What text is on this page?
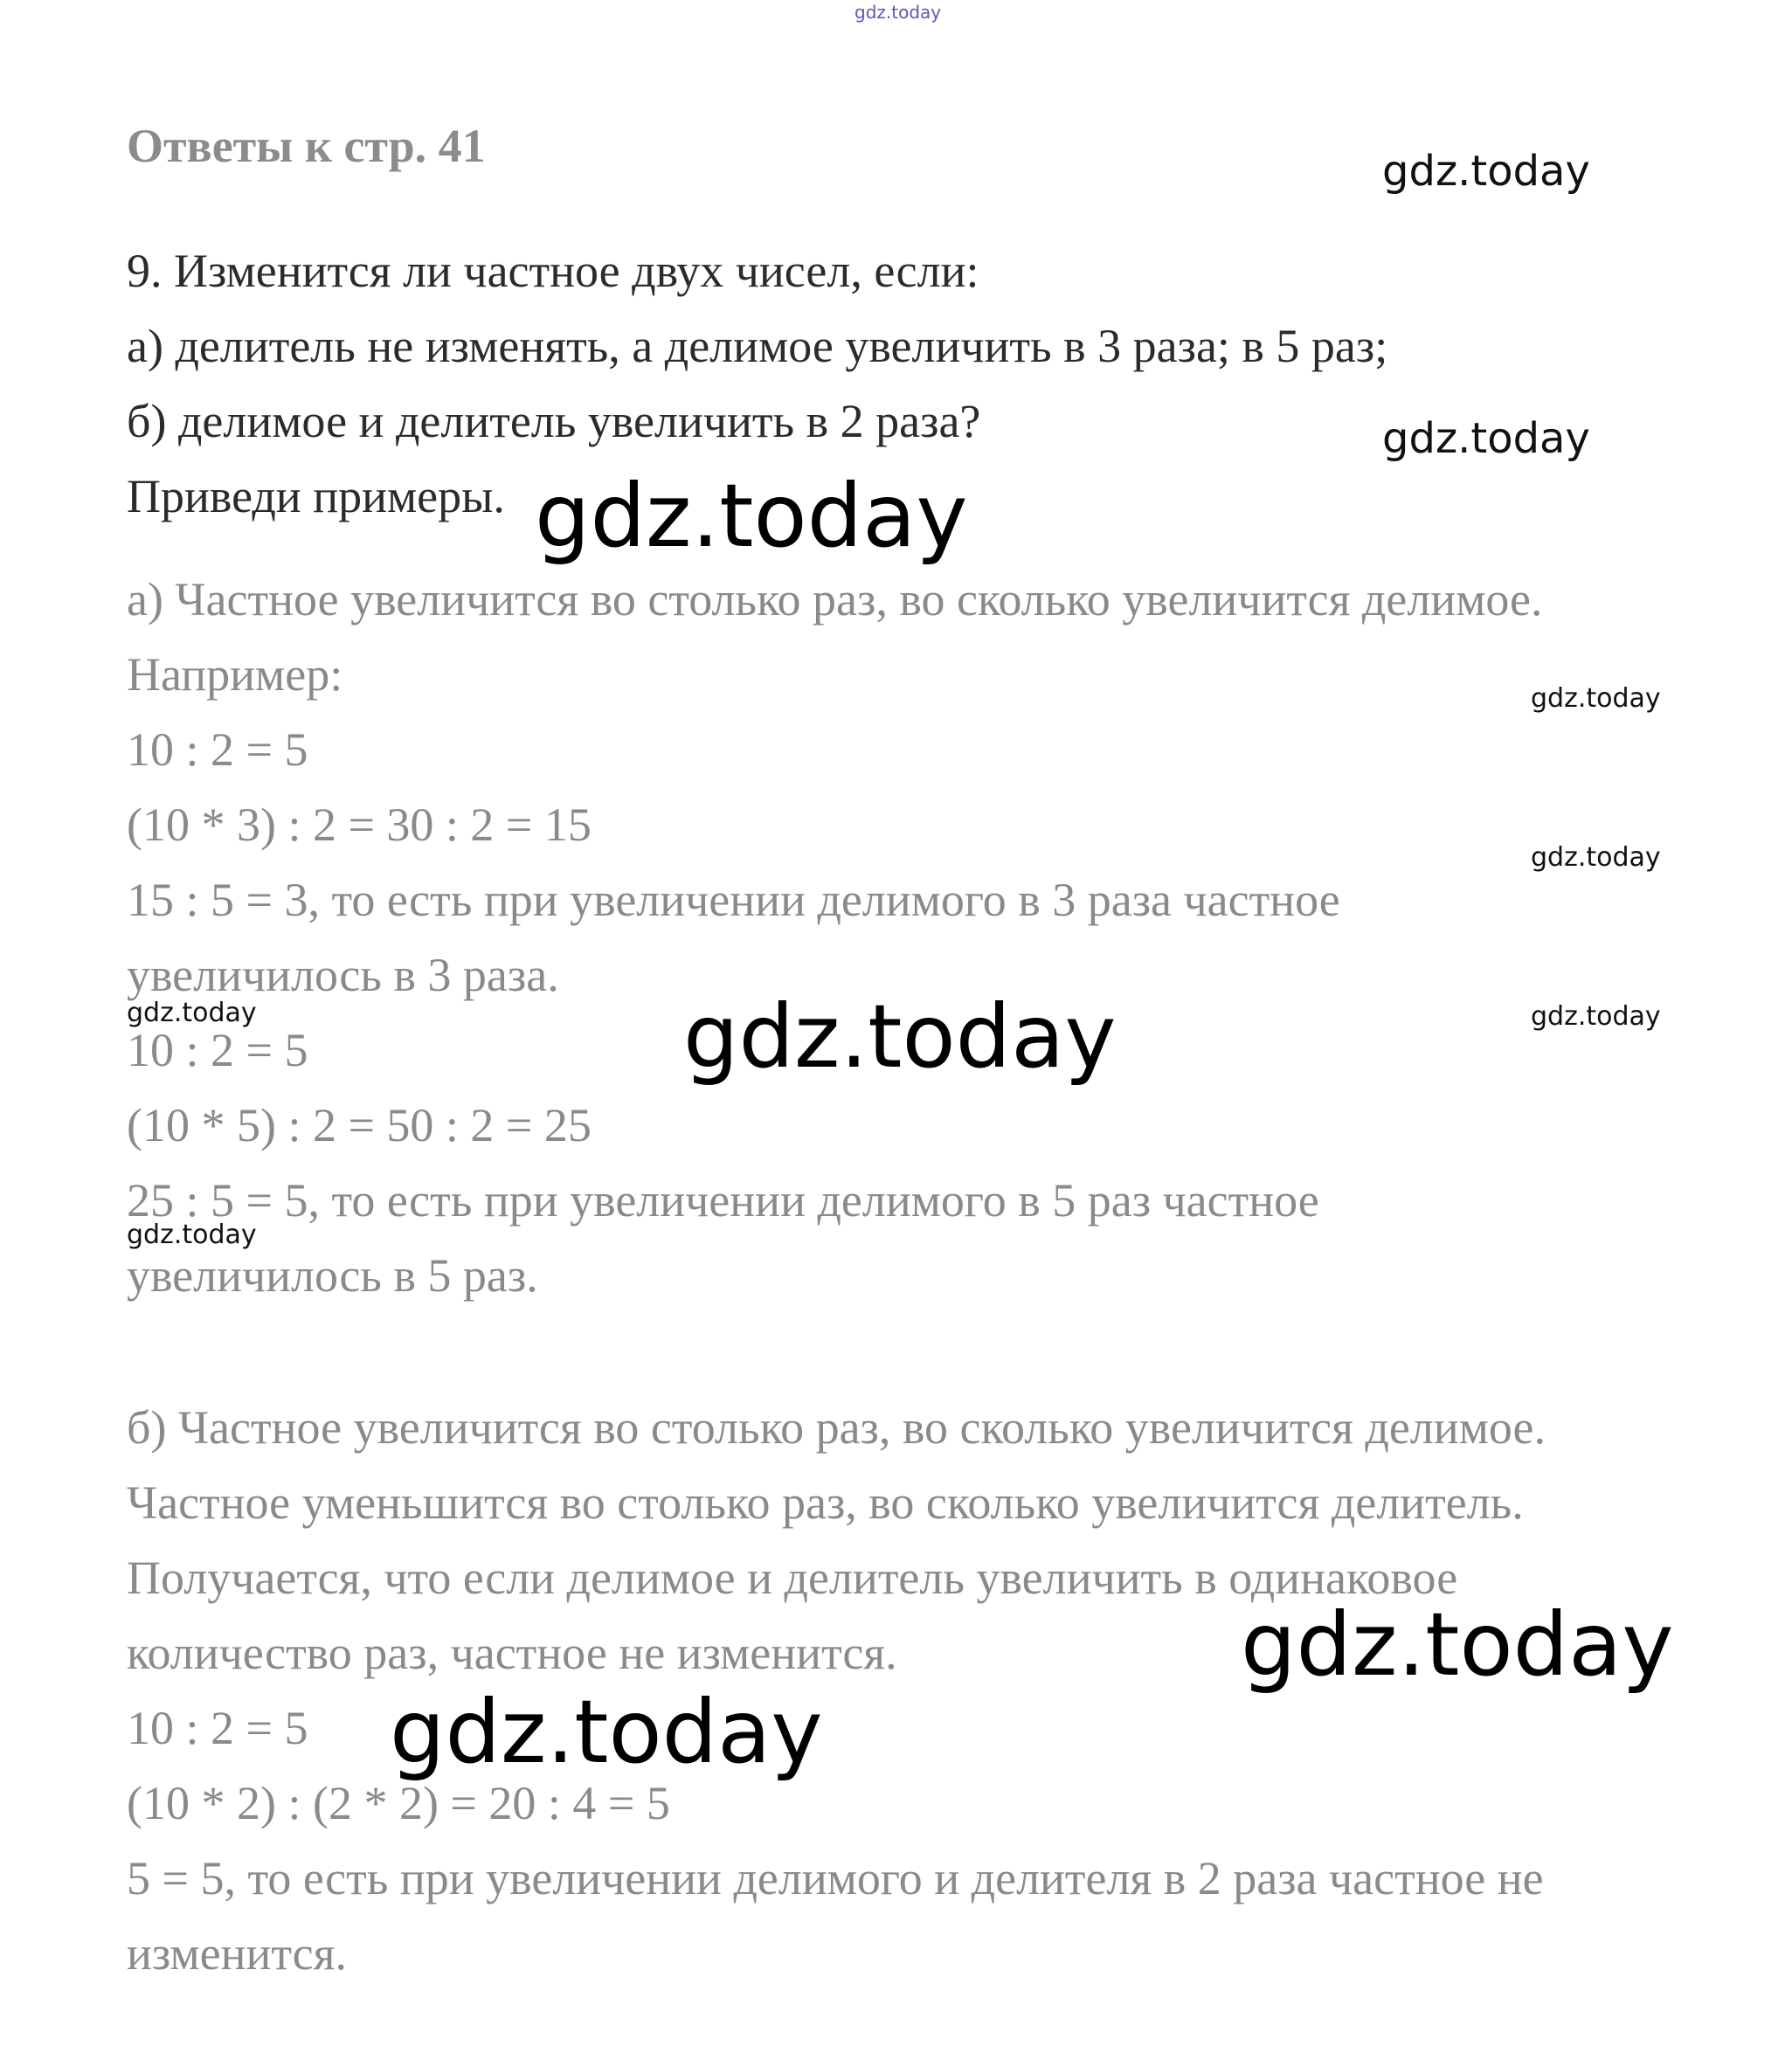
Ответы к стр. 41
9. Изменится ли частное двух чисел, если:
а) делитель не изменять, а делимое увеличить в 3 раза; в 5 раз;
б) делимое и делитель увеличить в 2 раза?
Приведи примеры.
а) Частное увеличится во столько раз, во сколько увеличится делимое.
Например:
10 : 2 = 5
(10 * 3) : 2 = 30 : 2 = 15
15 : 5 = 3, то есть при увеличении делимого в 3 раза частное
увеличилось в 3 раза.
10 : 2 = 5
(10 * 5) : 2 = 50 : 2 = 25
25 : 5 = 5, то есть при увеличении делимого в 5 раз частное
увеличилось в 5 раз.
б) Частное увеличится во столько раз, во сколько увеличится делимое.
Частное уменьшится во столько раз, во сколько увеличится делитель.
Получается, что если делимое и делитель увеличить в одинаковое
количество раз, частное не изменится.
10 : 2 = 5
(10 * 2) : (2 * 2) = 20 : 4 = 5
5 = 5, то есть при увеличении делимого и делителя в 2 раза частное не
изменится.
gdz.today
gdz.today
gdz.today
gdz.today
gdz.today
gdz.today
gdz.today
gdz.today	gdz.today
gdz.today
gdz.today
gdz.today
